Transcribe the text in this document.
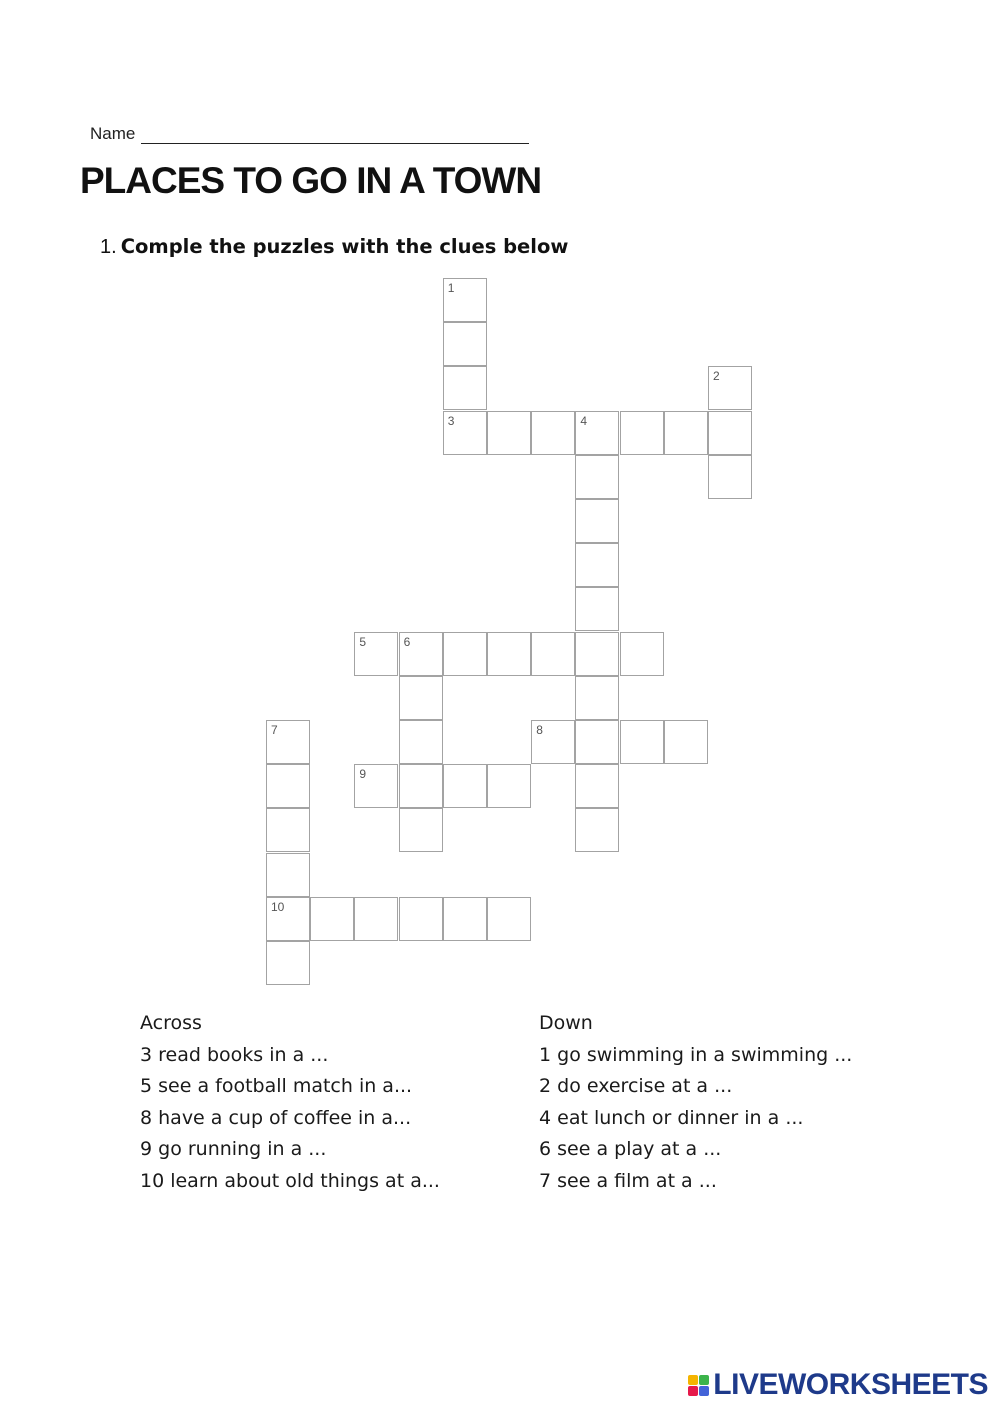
Name
PLACES TO GO IN A TOWN
1. Comple the puzzles with the clues below
3	4
5	6
8
9
10
1
2
7
Across
3 read books in a ...
5 see a football match in a...
8 have a cup of coffee in a...
9 go running in a ...
10 learn about old things at a...
Down
1 go swimming in a swimming ...
2 do exercise at a ...
4 eat lunch or dinner in a ...
6 see a play at a ...
7 see a film at a ...
LIVEWORKSHEETS
